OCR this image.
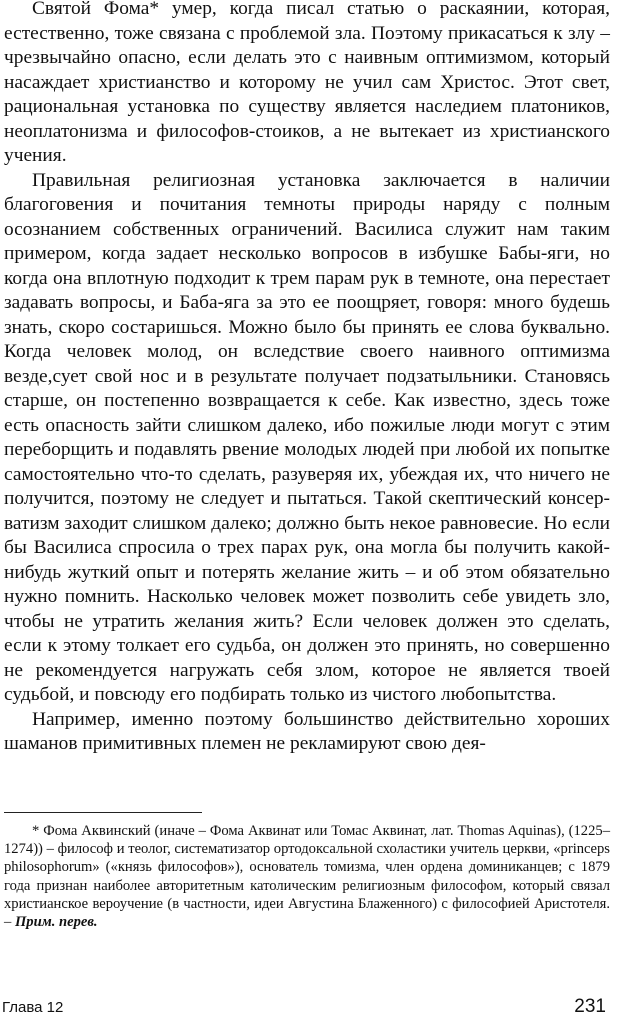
Святой Фома* умер, когда писал статью о раскаянии, которая, естественно, тоже связана с проблемой зла. Поэтому прикасаться к злу – чрезвычайно опасно, если делать это с наивным оптимизмом, который насаждает христианство и которому не учил сам Христос. Этот свет, рациональная установка по существу является наследием платоников, неоплатонизма и философов-стоиков, а не вытекает из христианского учения.

Правильная религиозная установка заключается в наличии благоговения и почитания темноты природы наряду с полным осознанием собственных ограничений. Василиса служит нам таким примером, когда задает несколько вопросов в избушке Бабы-яги, но когда она вплотную подходит к трем парам рук в темноте, она перестает задавать вопросы, и Баба-яга за это ее поощряет, говоря: много будешь знать, скоро состаришься. Можно было бы принять ее слова буквально. Когда человек молод, он вследствие своего наивного оптимизма везде,сует свой нос и в результате получает подзатыльники. Становясь старше, он постепенно возвращается к себе. Как известно, здесь тоже есть опасность зайти слишком далеко, ибо пожилые люди могут с этим переборщить и подавлять рвение молодых людей при любой их попытке самостоятельно что-то сделать, разуверяя их, убеждая их, что ничего не получится, поэтому не следует и пытаться. Такой скептический консерватизм заходит слишком далеко; должно быть некое равновесие. Но если бы Василиса спросила о трех парах рук, она могла бы получить какой-нибудь жуткий опыт и потерять желание жить – и об этом обязательно нужно помнить. Насколько человек может позволить себе увидеть зло, чтобы не утратить желания жить? Если человек должен это сделать, если к этому толкает его судьба, он должен это принять, но совершенно не рекомендуется нагружать себя злом, которое не является твоей судьбой, и повсюду его подбирать только из чистого любопытства.

Например, именно поэтому большинство действительно хороших шаманов примитивных племен не рекламируют свою дея-

* Фома Аквинский (иначе – Фома Аквинат или Томас Аквинат, лат. Thomas Aquinas), (1225–1274)) – философ и теолог, систематизатор ортодоксальной схоластики учитель церкви, «princeps philosophorum» («князь философов»), основатель томизма, член ордена доминиканцев; с 1879 года признан наиболее авторитетным католическим религиозным философом, который связал христианское вероучение (в частности, идеи Августина Блаженного) с философией Аристотеля. – Прим. перев.
Глава 12	231
